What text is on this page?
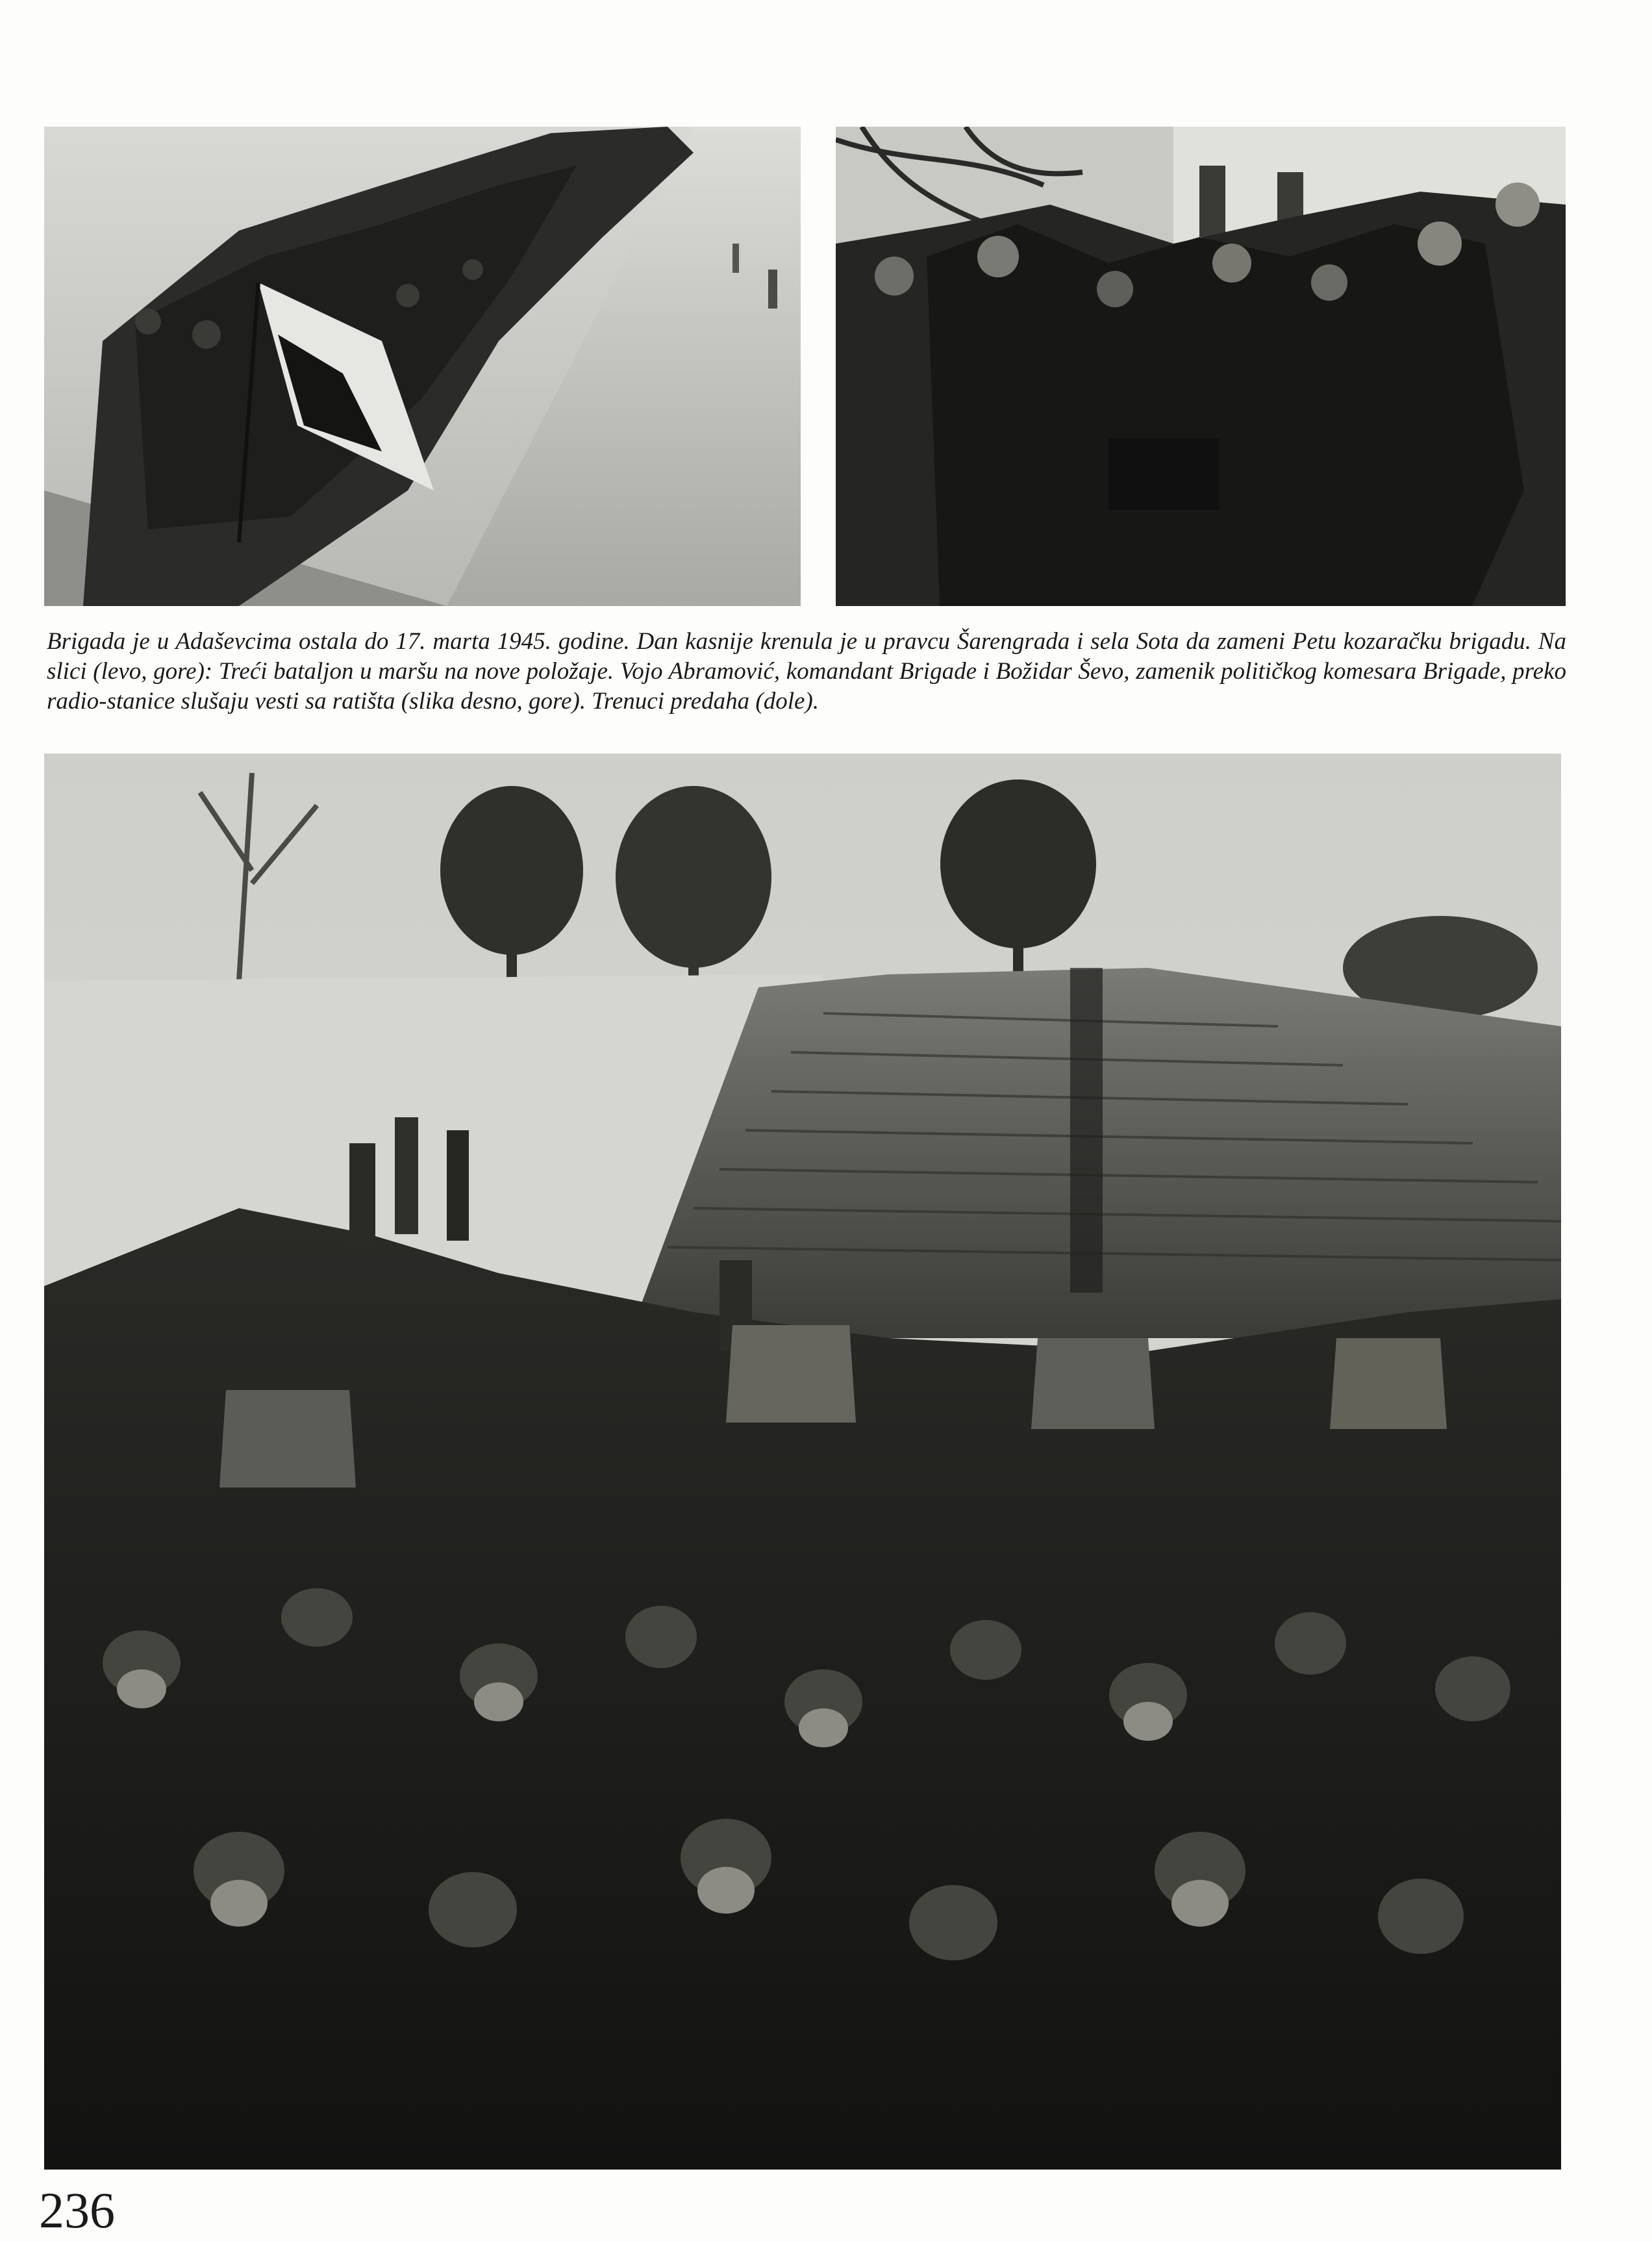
Brigada je u Adaševcima ostala do 17. marta 1945. godine. Dan kasnije krenula je u pravcu Šarengrada i sela Sota da zameni Petu kozaračku brigadu. Na slici (levo, gore): Treći bataljon u maršu na nove položaje. Vojo Abramović, komandant Brigade i Božidar Ševo, zamenik političkog komesara Brigade, preko radio-stanice slušaju vesti sa ratišta (slika desno, gore). Trenuci predaha (dole).

236
